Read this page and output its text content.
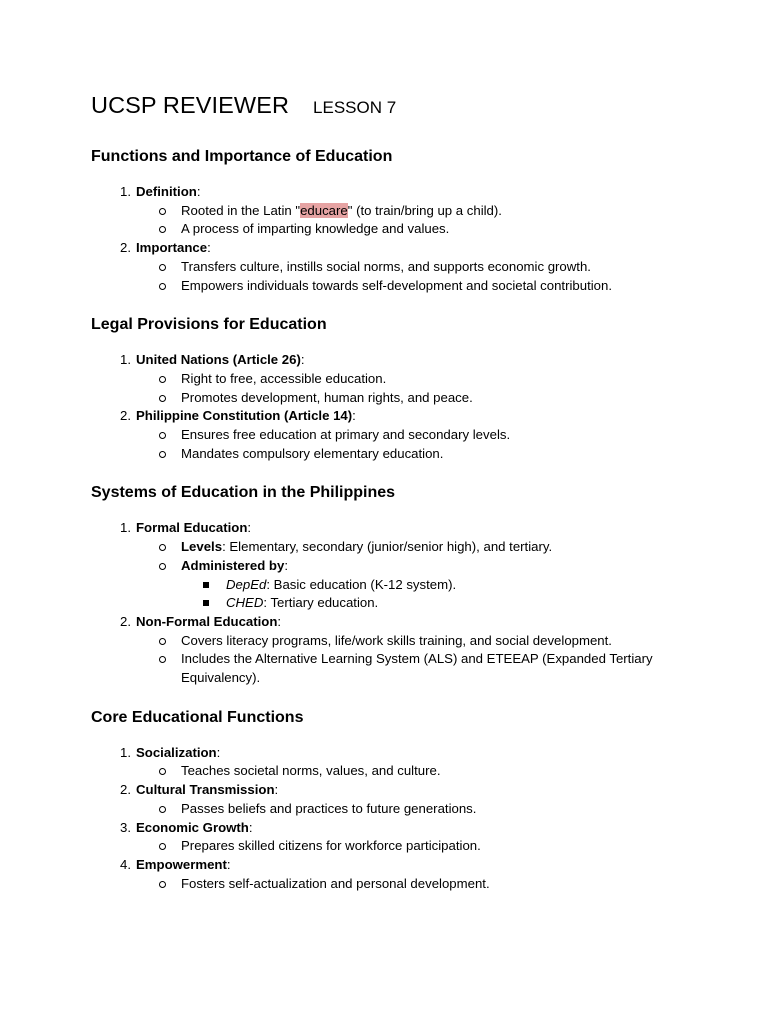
UCSP REVIEWER LESSON 7
Functions and Importance of Education
1. Definition:
Rooted in the Latin "educare" (to train/bring up a child).
A process of imparting knowledge and values.
2. Importance:
Transfers culture, instills social norms, and supports economic growth.
Empowers individuals towards self-development and societal contribution.
Legal Provisions for Education
1. United Nations (Article 26):
Right to free, accessible education.
Promotes development, human rights, and peace.
2. Philippine Constitution (Article 14):
Ensures free education at primary and secondary levels.
Mandates compulsory elementary education.
Systems of Education in the Philippines
1. Formal Education:
Levels: Elementary, secondary (junior/senior high), and tertiary.
Administered by:
DepEd: Basic education (K-12 system).
CHED: Tertiary education.
2. Non-Formal Education:
Covers literacy programs, life/work skills training, and social development.
Includes the Alternative Learning System (ALS) and ETEEAP (Expanded Tertiary Equivalency).
Core Educational Functions
1. Socialization:
Teaches societal norms, values, and culture.
2. Cultural Transmission:
Passes beliefs and practices to future generations.
3. Economic Growth:
Prepares skilled citizens for workforce participation.
4. Empowerment:
Fosters self-actualization and personal development.
